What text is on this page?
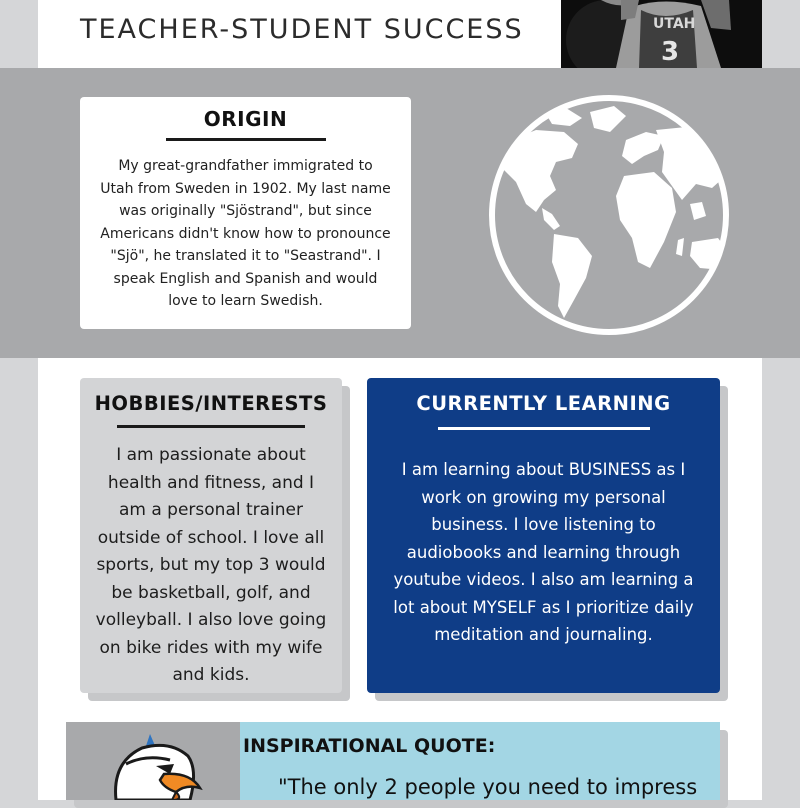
TEACHER-STUDENT SUCCESS	UTAH
3
ORIGIN
My great-grandfather immigrated to Utah from Sweden in 1902. My last name was originally "Sjöstrand", but since Americans didn't know how to pronounce "Sjö", he translated it to "Seastrand". I speak English and Spanish and would love to learn Swedish.
HOBBIES/INTERESTS
I am passionate about health and fitness, and I am a personal trainer outside of school. I love all sports, but my top 3 would be basketball, golf, and volleyball. I also love going on bike rides with my wife and kids.
CURRENTLY LEARNING
I am learning about BUSINESS as I work on growing my personal business. I love listening to audiobooks and learning through youtube videos. I also am learning a lot about MYSELF as I prioritize daily meditation and journaling.
INSPIRATIONAL QUOTE:
"The only 2 people you need to impress
